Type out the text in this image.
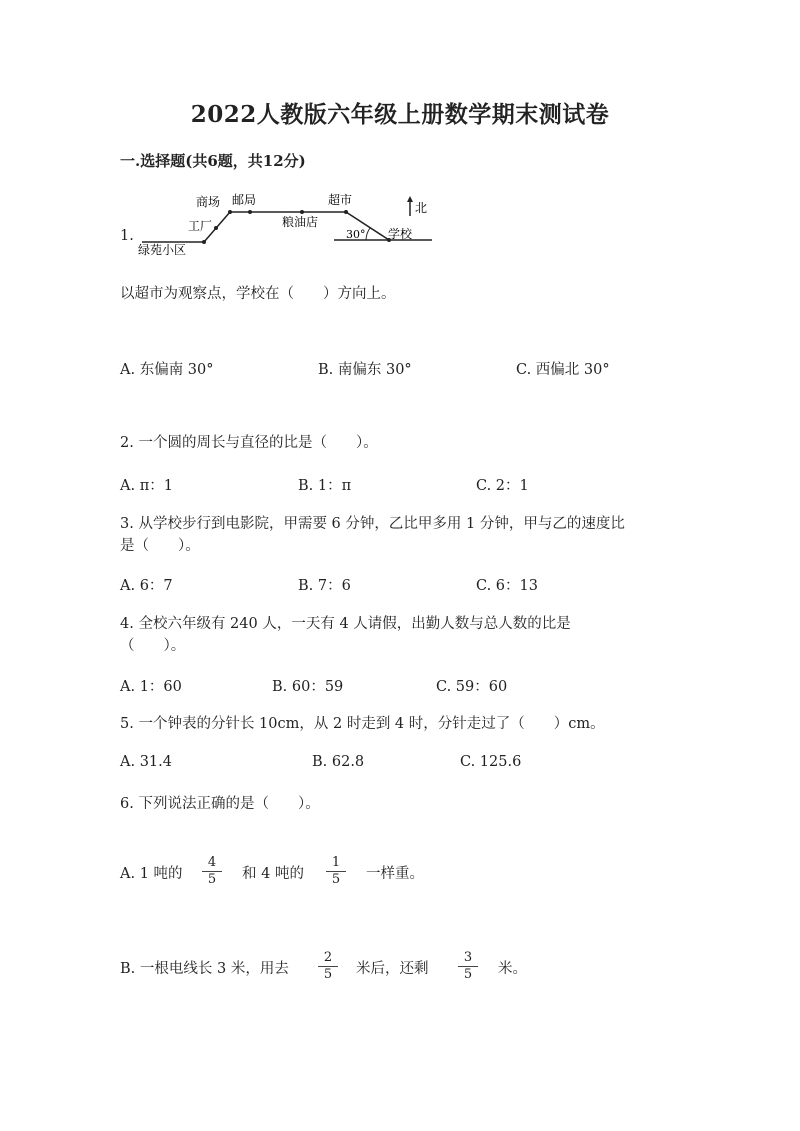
2022人教版六年级上册数学期末测试卷
一.选择题(共6题，共12分)
1.
绿苑小区
工厂
商场 邮局
粮油店
超市
学校
30°
北
以超市为观察点，学校在（　　）方向上。
A. 东偏南 30°	B. 南偏东 30°	C. 西偏北 30°
2. 一个圆的周长与直径的比是（　　）。
A. π：1	B. 1：π	C. 2：1
3. 从学校步行到电影院，甲需要 6 分钟，乙比甲多用 1 分钟，甲与乙的速度比
是（　　）。
A. 6：7	B. 7：6	C. 6：13
4. 全校六年级有 240 人，一天有 4 人请假，出勤人数与总人数的比是
（　　）。
A. 1：60	B. 60：59	C. 59：60
5. 一个钟表的分针长 10cm，从 2 时走到 4 时，分针走过了（　　）cm。
A. 31.4	B. 62.8	C. 125.6
6. 下列说法正确的是（　　）。
A. 1 吨的 $\frac{4}{5}$ 和 4 吨的 $\frac{1}{5}$ 一样重。
B. 一根电线长 3 米，用去 $\frac{2}{5}$ 米后，还剩 $\frac{3}{5}$ 米。
